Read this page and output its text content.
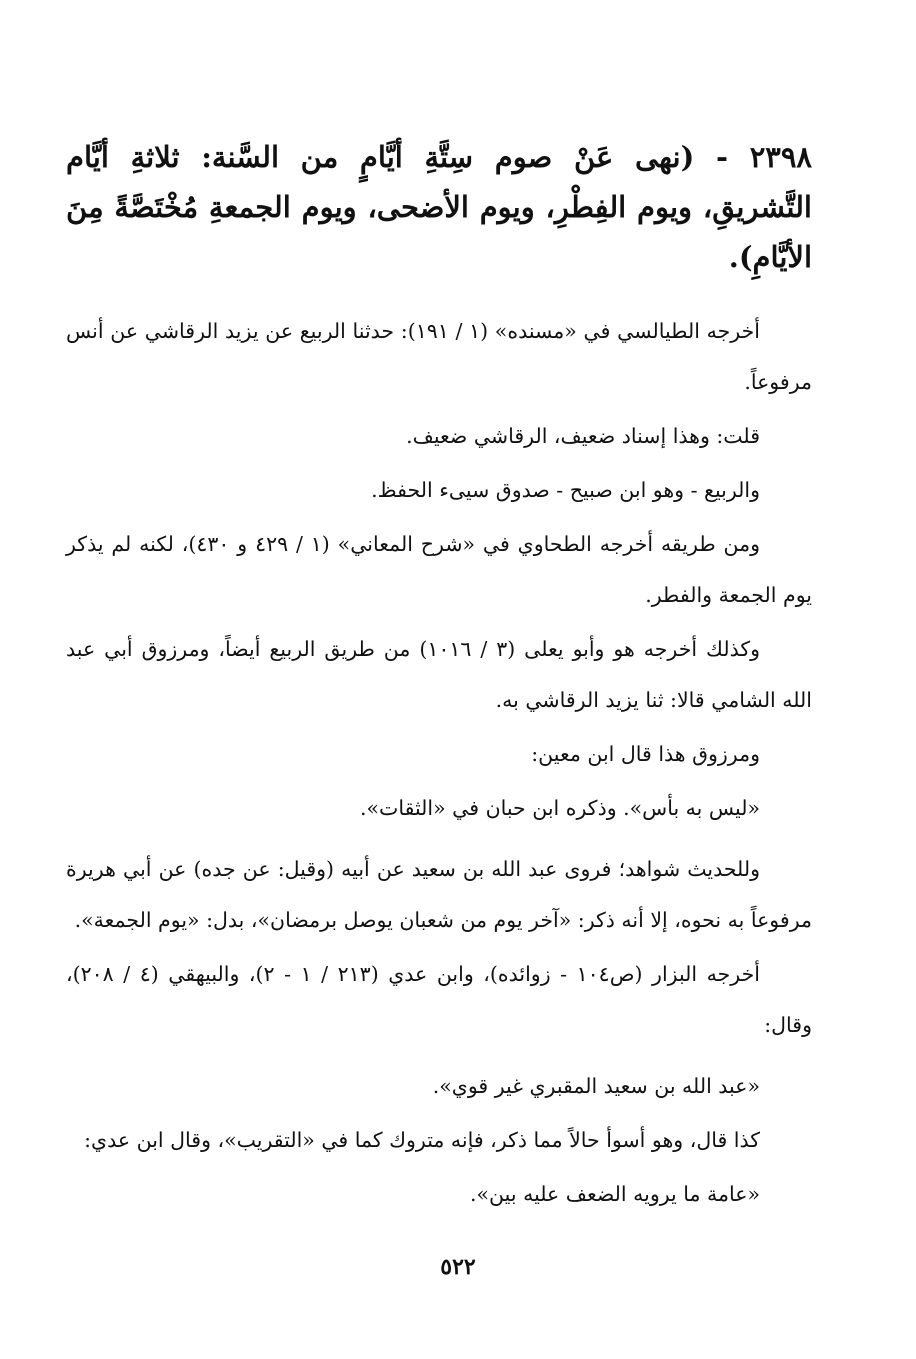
٢٣٩٨ - (نهى عَنْ صوم سِتَّةِ أيَّامٍ من السَّنة: ثلاثةِ أيَّام التَّشريقِ، ويوم الفِطْرِ، ويوم الأضحى، ويوم الجمعةِ مُخْتَصَّةً مِنَ الأيَّامِ).

أخرجه الطيالسي في «مسنده» (١ / ١٩١): حدثنا الربيع عن يزيد الرقاشي عن أنس مرفوعاً.

قلت: وهذا إسناد ضعيف، الرقاشي ضعيف.

والربيع - وهو ابن صبيح - صدوق سيىء الحفظ.

ومن طريقه أخرجه الطحاوي في «شرح المعاني» (١ / ٤٢٩ و ٤٣٠)، لكنه لم يذكر يوم الجمعة والفطر.

وكذلك أخرجه هو وأبو يعلى (٣ / ١٠١٦) من طريق الربيع أيضاً، ومرزوق أبي عبد الله الشامي قالا: ثنا يزيد الرقاشي به.

ومرزوق هذا قال ابن معين:

«ليس به بأس». وذكره ابن حبان في «الثقات».

وللحديث شواهد؛ فروى عبد الله بن سعيد عن أبيه (وقيل: عن جده) عن أبي هريرة مرفوعاً به نحوه، إلا أنه ذكر: «آخر يوم من شعبان يوصل برمضان»، بدل: «يوم الجمعة».

أخرجه البزار (ص١٠٤ - زوائده)، وابن عدي (٢١٣ / ١ - ٢)، والبيهقي (٤ / ٢٠٨)، وقال:

«عبد الله بن سعيد المقبري غير قوي».

كذا قال، وهو أسوأ حالاً مما ذكر، فإنه متروك كما في «التقريب»، وقال ابن عدي:

«عامة ما يرويه الضعف عليه بين».

٥٢٢
